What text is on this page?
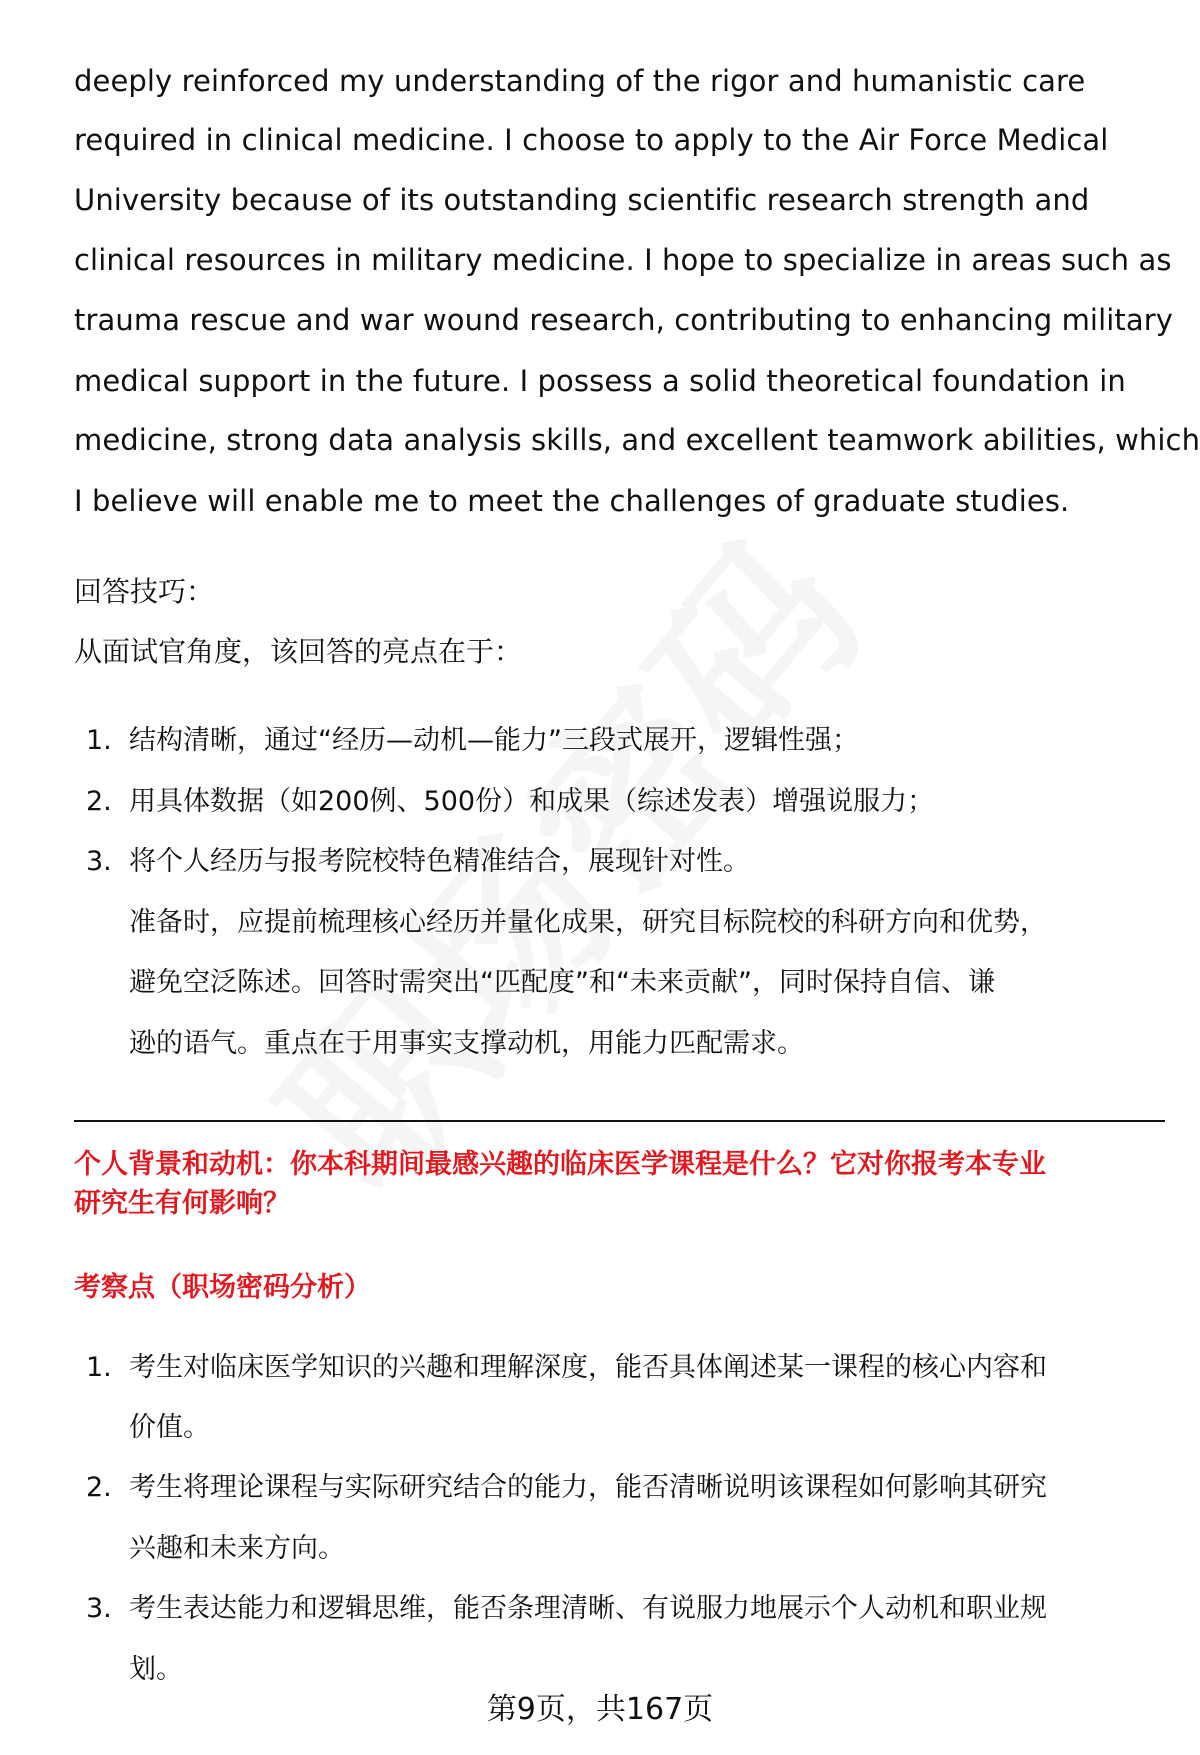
deeply reinforced my understanding of the rigor and humanistic care
required in clinical medicine. I choose to apply to the Air Force Medical
University because of its outstanding scientific research strength and
clinical resources in military medicine. I hope to specialize in areas such as
trauma rescue and war wound research, contributing to enhancing military
medical support in the future. I possess a solid theoretical foundation in
medicine, strong data analysis skills, and excellent teamwork abilities, which
I believe will enable me to meet the challenges of graduate studies.
回答技巧：
从面试官角度，该回答的亮点在于：
1. 结构清晰，通过“经历—动机—能力”三段式展开，逻辑性强；
2. 用具体数据（如200例、500份）和成果（综述发表）增强说服力；
3. 将个人经历与报考院校特色精准结合，展现针对性。
准备时，应提前梳理核心经历并量化成果，研究目标院校的科研方向和优势，
避免空泛陈述。回答时需突出“匹配度”和“未来贡献”，同时保持自信、谦
逊的语气。重点在于用事实支撑动机，用能力匹配需求。
个人背景和动机：你本科期间最感兴趣的临床医学课程是什么？它对你报考本专业
研究生有何影响？
考察点（职场密码分析）
1. 考生对临床医学知识的兴趣和理解深度，能否具体阐述某一课程的核心内容和
价值。
2. 考生将理论课程与实际研究结合的能力，能否清晰说明该课程如何影响其研究
兴趣和未来方向。
3. 考生表达能力和逻辑思维，能否条理清晰、有说服力地展示个人动机和职业规
划。
第9页，共167页
